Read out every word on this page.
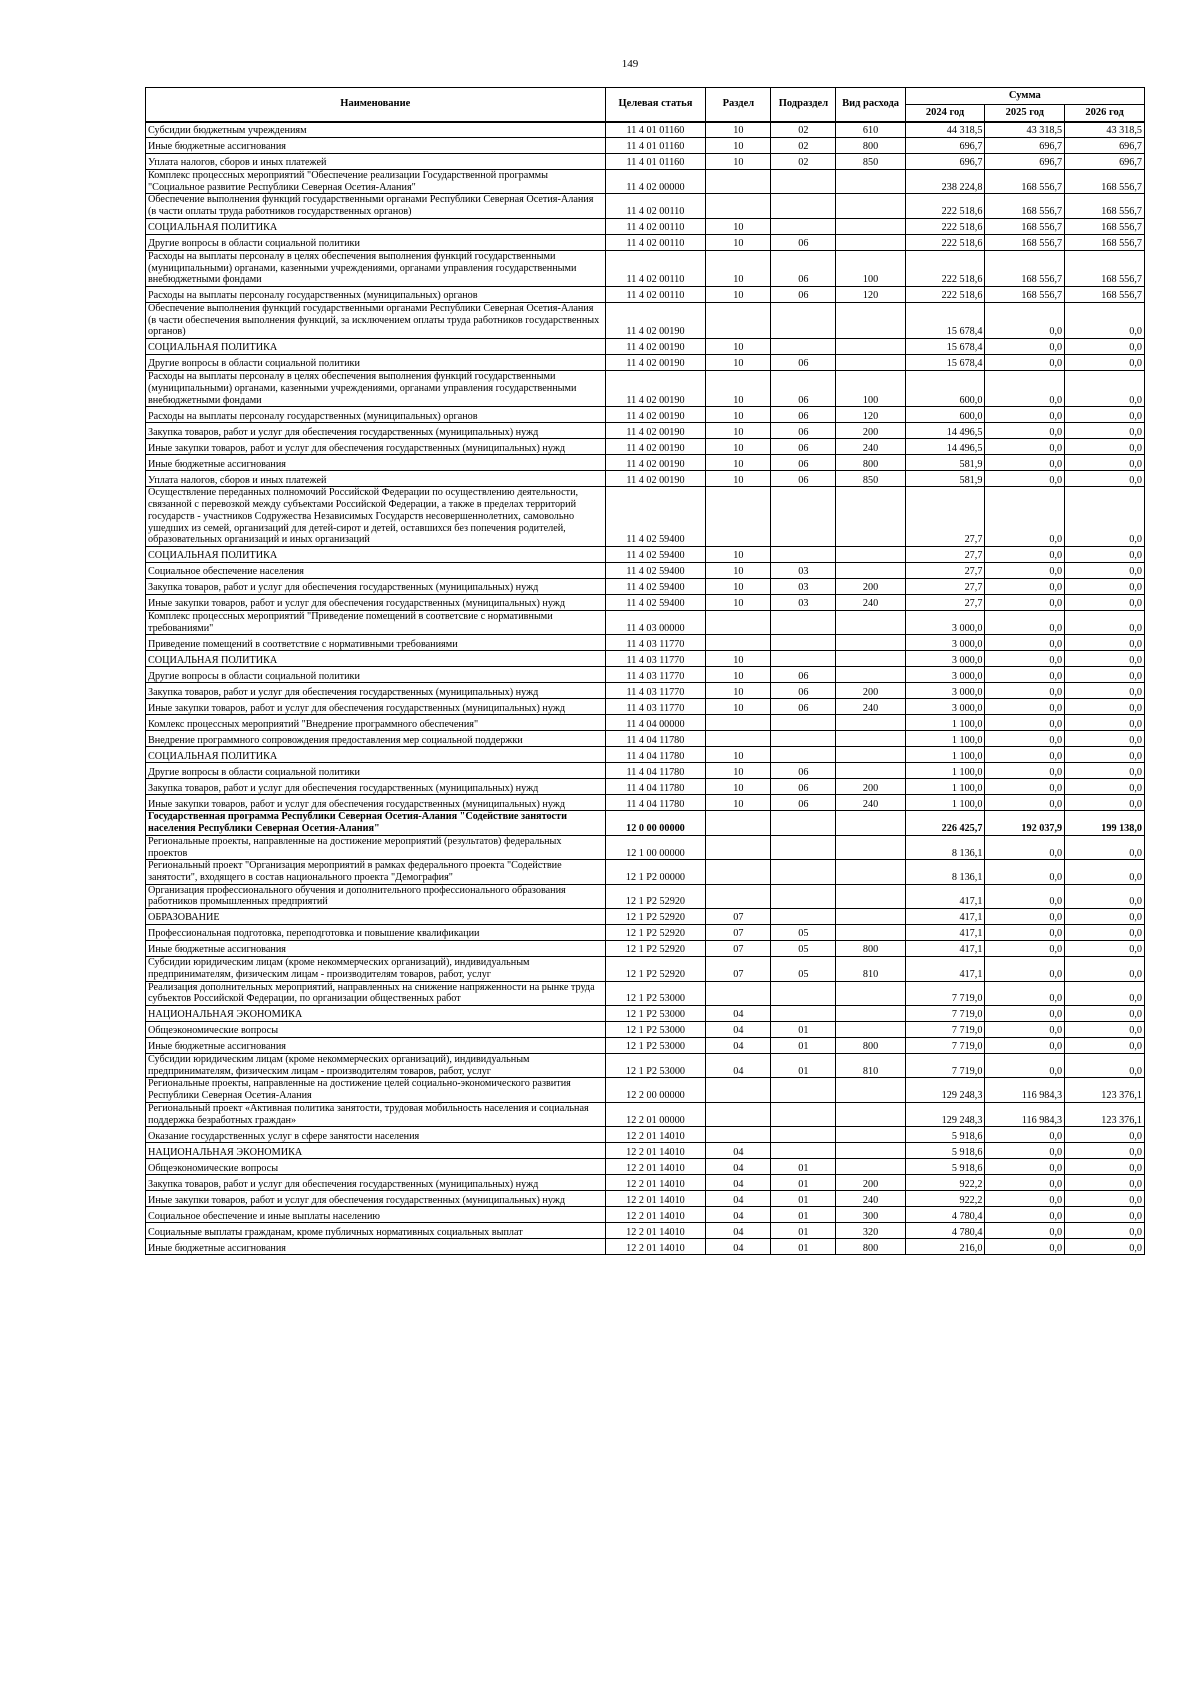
149
Наименование	Целевая статья	Раздел	Подраздел	Вид расхода	Сумма		
					2024 год	2025 год	2026 год
Субсидии бюджетным учреждениям	11 4 01 01160	10	02	610	44 318,5	43 318,5	43 318,5
Иные бюджетные ассигнования	11 4 01 01160	10	02	800	696,7	696,7	696,7
Уплата налогов, сборов и иных платежей	11 4 01 01160	10	02	850	696,7	696,7	696,7
Комплекс процессных мероприятий "Обеспечение реализации Государственной программы "Социальное развитие Республики Северная Осетия-Алания"	11 4 02 00000				238 224,8	168 556,7	168 556,7
Обеспечение выполнения функций государственными органами Республики Северная Осетия-Алания (в части оплаты труда работников государственных органов)	11 4 02 00110				222 518,6	168 556,7	168 556,7
СОЦИАЛЬНАЯ ПОЛИТИКА	11 4 02 00110	10			222 518,6	168 556,7	168 556,7
Другие вопросы в области социальной политики	11 4 02 00110	10	06		222 518,6	168 556,7	168 556,7
Расходы на выплаты персоналу в целях обеспечения выполнения функций государственными (муниципальными) органами, казенными учреждениями, органами управления государственными внебюджетными фондами	11 4 02 00110	10	06	100	222 518,6	168 556,7	168 556,7
Расходы на выплаты персоналу государственных (муниципальных) органов	11 4 02 00110	10	06	120	222 518,6	168 556,7	168 556,7
Обеспечение выполнения функций государственными органами Республики Северная Осетия-Алания (в части обеспечения выполнения функций, за исключением оплаты труда работников государственных органов)	11 4 02 00190				15 678,4	0,0	0,0
СОЦИАЛЬНАЯ ПОЛИТИКА	11 4 02 00190	10			15 678,4	0,0	0,0
Другие вопросы в области социальной политики	11 4 02 00190	10	06		15 678,4	0,0	0,0
Расходы на выплаты персоналу в целях обеспечения выполнения функций государственными (муниципальными) органами, казенными учреждениями, органами управления государственными внебюджетными фондами	11 4 02 00190	10	06	100	600,0	0,0	0,0
Расходы на выплаты персоналу государственных (муниципальных) органов	11 4 02 00190	10	06	120	600,0	0,0	0,0
Закупка товаров, работ и услуг для обеспечения государственных (муниципальных) нужд	11 4 02 00190	10	06	200	14 496,5	0,0	0,0
Иные закупки товаров, работ и услуг для обеспечения государственных (муниципальных) нужд	11 4 02 00190	10	06	240	14 496,5	0,0	0,0
Иные бюджетные ассигнования	11 4 02 00190	10	06	800	581,9	0,0	0,0
Уплата налогов, сборов и иных платежей	11 4 02 00190	10	06	850	581,9	0,0	0,0
Осуществление переданных полномочий Российской Федерации по осуществлению деятельности, связанной с перевозкой между субъектами Российской Федерации, а также в пределах территорий государств - участников Содружества Независимых Государств несовершеннолетних, самовольно ушедших из семей, организаций для детей-сирот и детей, оставшихся без попечения родителей, образовательных организаций и иных организаций	11 4 02 59400				27,7	0,0	0,0
СОЦИАЛЬНАЯ ПОЛИТИКА	11 4 02 59400	10			27,7	0,0	0,0
Социальное обеспечение населения	11 4 02 59400	10	03		27,7	0,0	0,0
Закупка товаров, работ и услуг для обеспечения государственных (муниципальных) нужд	11 4 02 59400	10	03	200	27,7	0,0	0,0
Иные закупки товаров, работ и услуг для обеспечения государственных (муниципальных) нужд	11 4 02 59400	10	03	240	27,7	0,0	0,0
Комплекс процессных мероприятий "Приведение помещений в соответсвие с нормативными требованиями"	11 4 03 00000				3 000,0	0,0	0,0
Приведение помещений в соответствие с нормативными требованиями	11 4 03 11770				3 000,0	0,0	0,0
СОЦИАЛЬНАЯ ПОЛИТИКА	11 4 03 11770	10			3 000,0	0,0	0,0
Другие вопросы в области социальной политики	11 4 03 11770	10	06		3 000,0	0,0	0,0
Закупка товаров, работ и услуг для обеспечения государственных (муниципальных) нужд	11 4 03 11770	10	06	200	3 000,0	0,0	0,0
Иные закупки товаров, работ и услуг для обеспечения государственных (муниципальных) нужд	11 4 03 11770	10	06	240	3 000,0	0,0	0,0
Комлекс процессных мероприятий "Внедрение программного обеспечения"	11 4 04 00000				1 100,0	0,0	0,0
Внедрение программного сопровождения предоставления мер социальной поддержки	11 4 04 11780				1 100,0	0,0	0,0
СОЦИАЛЬНАЯ ПОЛИТИКА	11 4 04 11780	10			1 100,0	0,0	0,0
Другие вопросы в области социальной политики	11 4 04 11780	10	06		1 100,0	0,0	0,0
Закупка товаров, работ и услуг для обеспечения государственных (муниципальных) нужд	11 4 04 11780	10	06	200	1 100,0	0,0	0,0
Иные закупки товаров, работ и услуг для обеспечения государственных (муниципальных) нужд	11 4 04 11780	10	06	240	1 100,0	0,0	0,0
Государственная программа Республики Северная Осетия-Алания "Содействие занятости населения Республики Северная Осетия-Алания"	12 0 00 00000				226 425,7	192 037,9	199 138,0
Региональные проекты, направленные на достижение мероприятий (результатов) федеральных проектов	12 1 00 00000				8 136,1	0,0	0,0
Региональный проект "Организация мероприятий в рамках федерального проекта "Содействие занятости", входящего в состав национального проекта "Демография"	12 1 P2 00000				8 136,1	0,0	0,0
Организация профессионального обучения и дополнительного профессионального образования работников промышленных предприятий	12 1 P2 52920				417,1	0,0	0,0
ОБРАЗОВАНИЕ	12 1 P2 52920	07			417,1	0,0	0,0
Профессиональная подготовка, переподготовка и повышение квалификации	12 1 P2 52920	07	05		417,1	0,0	0,0
Иные бюджетные ассигнования	12 1 P2 52920	07	05	800	417,1	0,0	0,0
Субсидии юридическим лицам (кроме некоммерческих организаций), индивидуальным предпринимателям, физическим лицам - производителям товаров, работ, услуг	12 1 P2 52920	07	05	810	417,1	0,0	0,0
Реализация дополнительных мероприятий, направленных на снижение напряженности на рынке труда субъектов Российской Федерации, по организации общественных работ	12 1 P2 53000				7 719,0	0,0	0,0
НАЦИОНАЛЬНАЯ ЭКОНОМИКА	12 1 P2 53000	04			7 719,0	0,0	0,0
Общеэкономические вопросы	12 1 P2 53000	04	01		7 719,0	0,0	0,0
Иные бюджетные ассигнования	12 1 P2 53000	04	01	800	7 719,0	0,0	0,0
Субсидии юридическим лицам (кроме некоммерческих организаций), индивидуальным предпринимателям, физическим лицам - производителям товаров, работ, услуг	12 1 P2 53000	04	01	810	7 719,0	0,0	0,0
Региональные проекты, направленные на достижение целей социально-экономического развития Республики Северная Осетия-Алания	12 2 00 00000				129 248,3	116 984,3	123 376,1
Региональный проект «Активная политика занятости, трудовая мобильность населения и социальная поддержка безработных граждан»	12 2 01 00000				129 248,3	116 984,3	123 376,1
Оказание государственных услуг в сфере занятости населения	12 2 01 14010				5 918,6	0,0	0,0
НАЦИОНАЛЬНАЯ ЭКОНОМИКА	12 2 01 14010	04			5 918,6	0,0	0,0
Общеэкономические вопросы	12 2 01 14010	04	01		5 918,6	0,0	0,0
Закупка товаров, работ и услуг для обеспечения государственных (муниципальных) нужд	12 2 01 14010	04	01	200	922,2	0,0	0,0
Иные закупки товаров, работ и услуг для обеспечения государственных (муниципальных) нужд	12 2 01 14010	04	01	240	922,2	0,0	0,0
Социальное обеспечение и иные выплаты населению	12 2 01 14010	04	01	300	4 780,4	0,0	0,0
Социальные выплаты гражданам, кроме публичных нормативных социальных выплат	12 2 01 14010	04	01	320	4 780,4	0,0	0,0
Иные бюджетные ассигнования	12 2 01 14010	04	01	800	216,0	0,0	0,0
